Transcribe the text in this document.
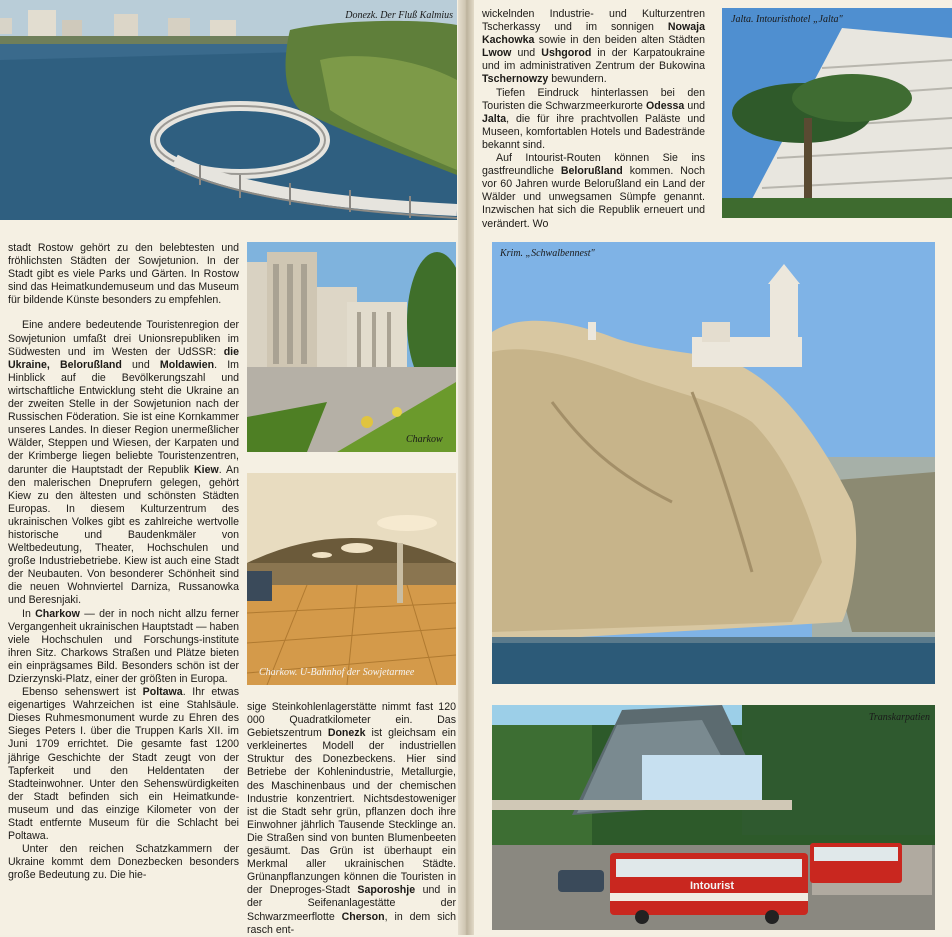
Donezk. Der Fluß Kalmius	Jalta. Intouristhotel „Jalta"

wickelnden Industrie- und Kulturzentren Tscherkassy und im sonnigen Nowaja Kachowka sowie in den beiden alten Städten Lwow und Ushgorod in der Karpatoukraine und im administrativen Zentrum der Bukowina Tschernowzy bewundern.

Tiefen Eindruck hinterlassen bei den Touristen die Schwarzmeerkurorte Odessa und Jalta, die für ihre prachtvollen Paläste und Museen, komfortablen Hotels und Badestrände bekannt sind.

Auf Intourist-Routen können Sie ins gastfreundliche Belorußland kommen. Noch vor 60 Jahren wurde Belorußland ein Land der Wälder und unwegsamen Sümpfe genannt. Inzwischen hat sich die Republik erneuert und verändert. Wo

stadt Rostow gehört zu den belebtesten und fröhlichsten Städten der Sowjetunion. In der Stadt gibt es viele Parks und Gärten. In Rostow sind das Heimatkundemuseum und das Museum für bildende Künste besonders zu empfehlen.

Eine andere bedeutende Touristenregion der Sowjetunion umfaßt drei Unionsrepubliken im Südwesten und im Westen der UdSSR: die Ukraine, Belorußland und Moldawien. Im Hinblick auf die Bevölkerungszahl und wirtschaftliche Entwicklung steht die Ukraine an der zweiten Stelle in der Sowjetunion nach der Russischen Föderation. Sie ist eine Kornkammer unseres Landes. In dieser Region unermeßlicher Wälder, Steppen und Wiesen, der Karpaten und der Krimberge liegen beliebte Touristenzentren, darunter die Hauptstadt der Republik Kiew. An den malerischen Dneprufern gelegen, gehört Kiew zu den ältesten und schönsten Städten Europas. In diesem Kulturzentrum des ukrainischen Volkes gibt es zahlreiche wertvolle historische und Baudenkmäler von Weltbedeutung, Theater, Hochschulen und große Industriebetriebe. Kiew ist auch eine Stadt der Neubauten. Von besonderer Schönheit sind die neuen Wohnviertel Darniza, Russanowka und Beresnjaki.

In Charkow — der in noch nicht allzu ferner Vergangenheit ukrainischen Hauptstadt — haben viele Hochschulen und Forschungs-institute ihren Sitz. Charkows Straßen und Plätze bieten ein einprägsames Bild. Besonders schön ist der Dzierzynski-Platz, einer der größten in Europa.

Ebenso sehenswert ist Poltawa. Ihr etwas eigenartiges Wahrzeichen ist eine Stahlsäule. Dieses Ruhmesmonument wurde zu Ehren des Sieges Peters I. über die Truppen Karls XII. im Juni 1709 errichtet. Die gesamte fast 1200 jährige Geschichte der Stadt zeugt von der Tapferkeit und den Heldentaten der Stadteinwohner. Unter den Sehenswürdigkeiten der Stadt befinden sich ein Heimatkunde-museum und das einzige Kilometer von der Stadt entfernte Museum für die Schlacht bei Poltawa.

Unter den reichen Schatzkammern der Ukraine kommt dem Donezbecken besonders große Bedeutung zu. Die hie-

Charkow
Charkow. U-Bahnhof der Sowjetarmee

sige Steinkohlenlagerstätte nimmt fast 120 000 Quadratkilometer ein. Das Gebietszentrum Donezk ist gleichsam ein verkleinertes Modell der industriellen Struktur des Donezbeckens. Hier sind Betriebe der Kohlenindustrie, Metallurgie, des Maschinenbaus und der chemischen Industrie konzentriert. Nichtsdestoweniger ist die Stadt sehr grün, pflanzen doch ihre Einwohner jährlich Tausende Stecklinge an. Die Straßen sind von bunten Blumenbeeten gesäumt. Das Grün ist überhaupt ein Merkmal aller ukrainischen Städte. Grünanpflanzungen können die Touristen in der Dneproges-Stadt Saporoshje und in der Seifenanlagestätte der Schwarzmeerflotte Cherson, in dem sich rasch ent-

Krim. „Schwalbennest"
Intourist
Transkarpatien
